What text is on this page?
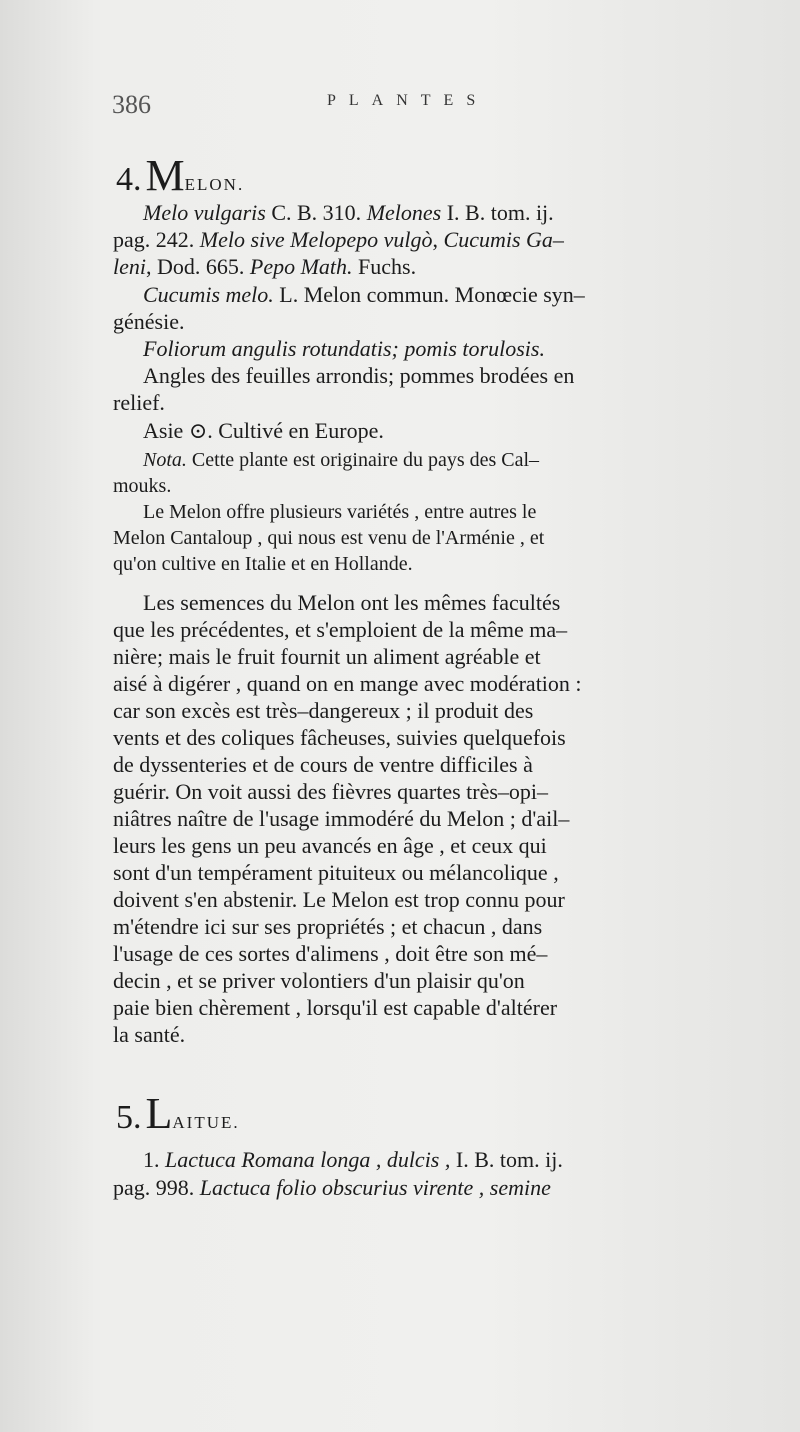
386	PLANTES
4. MELON.
Melo vulgaris C. B. 310. Melones I. B. tom. ij.
pag. 242. Melo sive Melopepo vulgò, Cucumis Ga–
leni, Dod. 665. Pepo Math. Fuchs.
Cucumis melo. L. Melon commun. Monœcie syn–
génésie.
Foliorum angulis rotundatis; pomis torulosis.
Angles des feuilles arrondis; pommes brodées en
relief.
Asie ⊙. Cultivé en Europe.
Nota. Cette plante est originaire du pays des Cal–
mouks.
Le Melon offre plusieurs variétés , entre autres le
Melon Cantaloup , qui nous est venu de l'Arménie , et
qu'on cultive en Italie et en Hollande.
Les semences du Melon ont les mêmes facultés
que les précédentes, et s'emploient de la même ma–
nière; mais le fruit fournit un aliment agréable et
aisé à digérer , quand on en mange avec modération :
car son excès est très–dangereux ; il produit des
vents et des coliques fâcheuses, suivies quelquefois
de dyssenteries et de cours de ventre difficiles à
guérir. On voit aussi des fièvres quartes très–opi–
niâtres naître de l'usage immodéré du Melon ; d'ail–
leurs les gens un peu avancés en âge , et ceux qui
sont d'un tempérament pituiteux ou mélancolique ,
doivent s'en abstenir. Le Melon est trop connu pour
m'étendre ici sur ses propriétés ; et chacun , dans
l'usage de ces sortes d'alimens , doit être son mé–
decin , et se priver volontiers d'un plaisir qu'on
paie bien chèrement , lorsqu'il est capable d'altérer
la santé.
5. LAITUE.
1. Lactuca Romana longa , dulcis , I. B. tom. ij.
pag. 998. Lactuca folio obscurius virente , semine
